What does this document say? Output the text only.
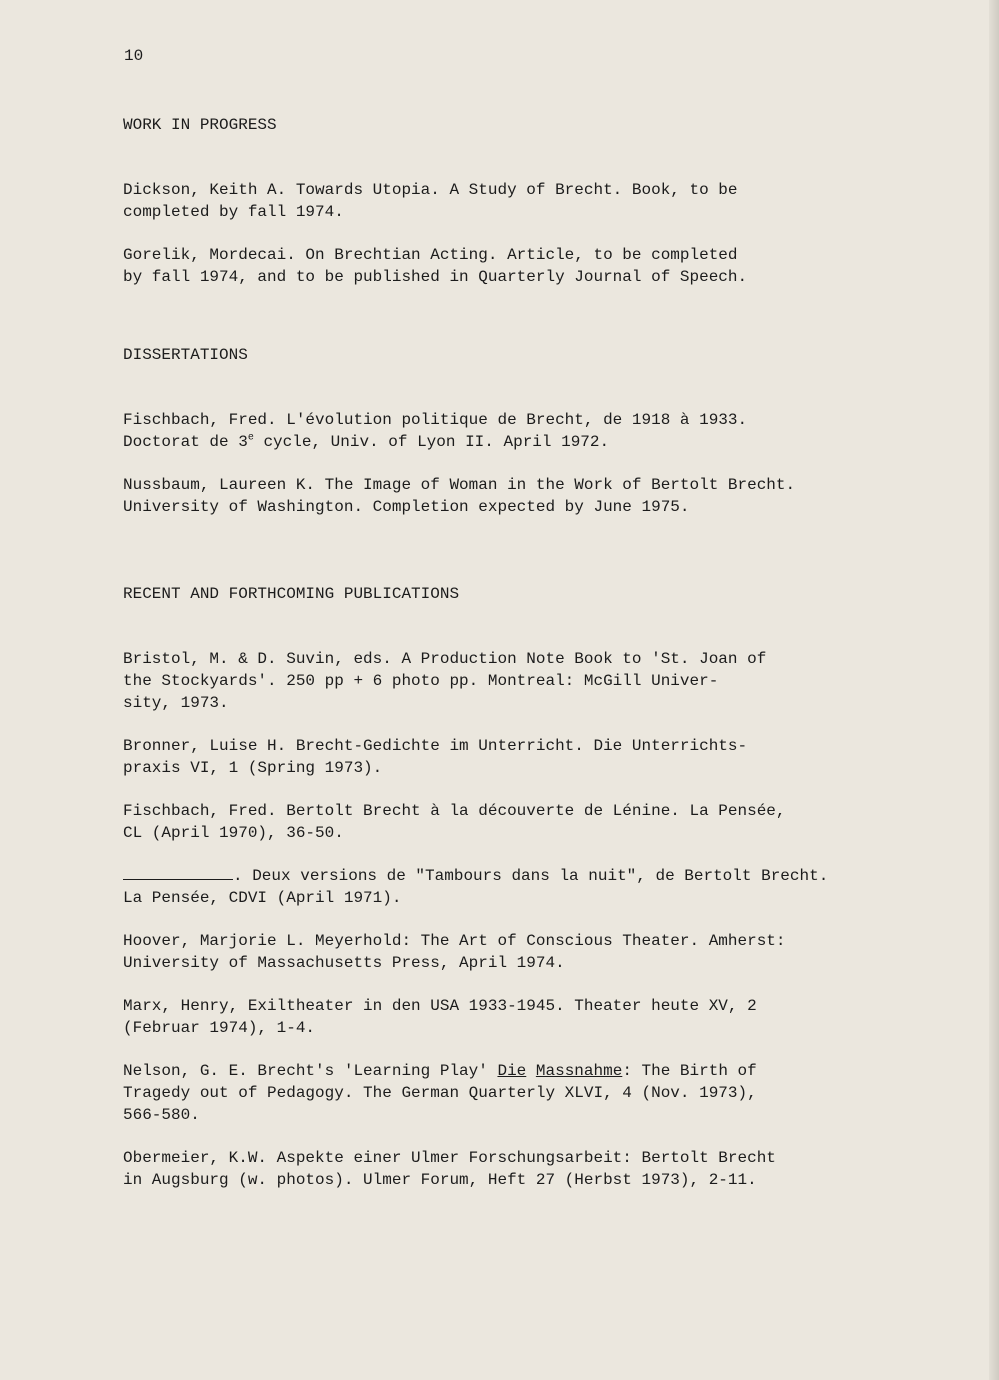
10
WORK IN PROGRESS
Dickson, Keith A. Towards Utopia. A Study of Brecht. Book, to be
completed by fall 1974.
Gorelik, Mordecai. On Brechtian Acting. Article, to be completed
by fall 1974, and to be published in Quarterly Journal of Speech.
DISSERTATIONS
Fischbach, Fred. L'évolution politique de Brecht, de 1918 à 1933.
Doctorat de 3e cycle, Univ. of Lyon II. April 1972.
Nussbaum, Laureen K. The Image of Woman in the Work of Bertolt Brecht.
University of Washington. Completion expected by June 1975.
RECENT AND FORTHCOMING PUBLICATIONS
Bristol, M. & D. Suvin, eds. A Production Note Book to 'St. Joan of
the Stockyards'. 250 pp + 6 photo pp. Montreal: McGill Univer-
sity, 1973.
Bronner, Luise H. Brecht-Gedichte im Unterricht. Die Unterrichts-
praxis VI, 1 (Spring 1973).
Fischbach, Fred. Bertolt Brecht à la découverte de Lénine. La Pensée,
CL (April 1970), 36-50.
. Deux versions de "Tambours dans la nuit", de Bertolt Brecht.
La Pensée, CDVI (April 1971).
Hoover, Marjorie L. Meyerhold: The Art of Conscious Theater. Amherst:
University of Massachusetts Press, April 1974.
Marx, Henry, Exiltheater in den USA 1933-1945. Theater heute XV, 2
(Februar 1974), 1-4.
Nelson, G. E. Brecht's 'Learning Play' Die Massnahme: The Birth of
Tragedy out of Pedagogy. The German Quarterly XLVI, 4 (Nov. 1973),
566-580.
Obermeier, K.W. Aspekte einer Ulmer Forschungsarbeit: Bertolt Brecht
in Augsburg (w. photos). Ulmer Forum, Heft 27 (Herbst 1973), 2-11.
